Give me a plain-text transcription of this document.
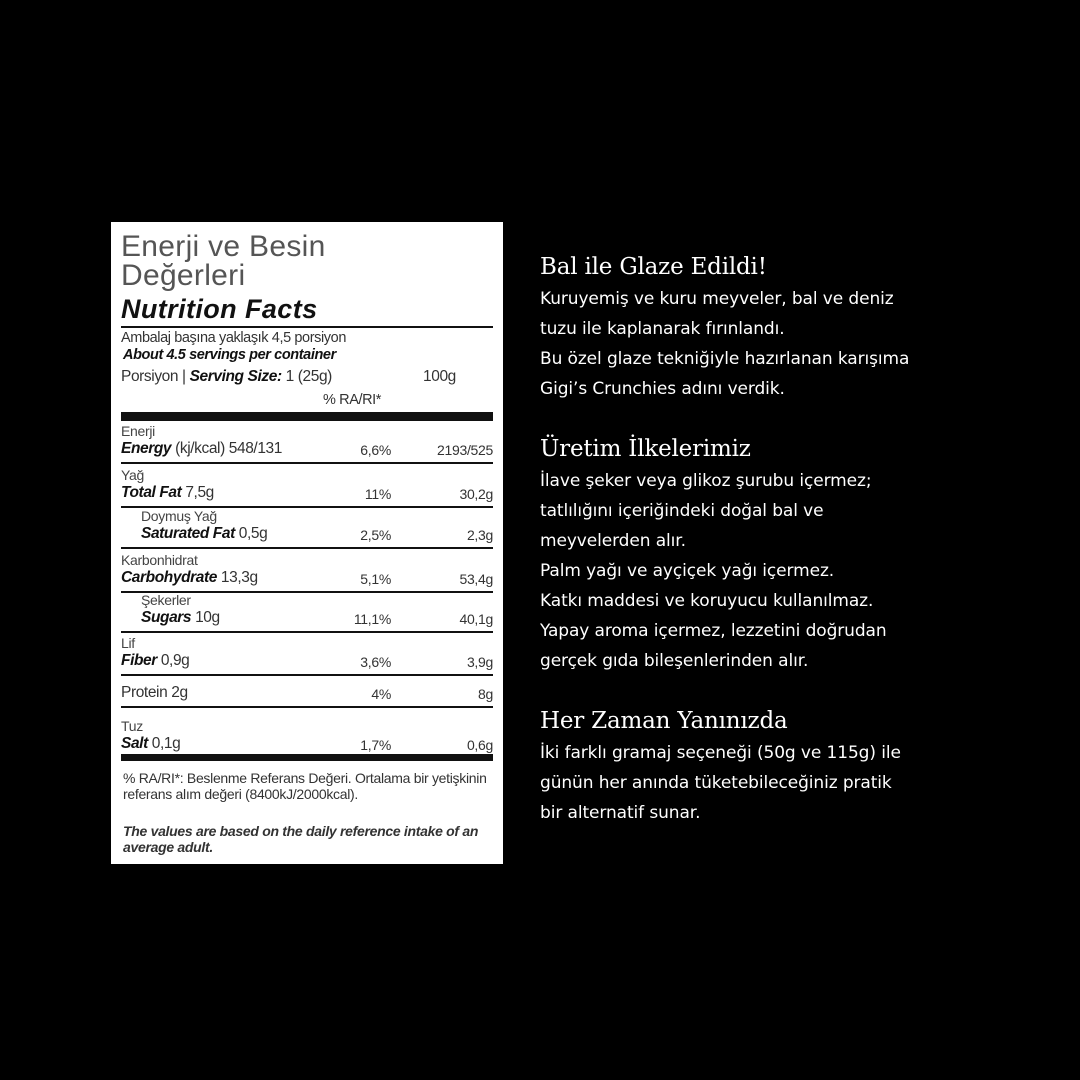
Enerji ve Besin
Değerleri
Nutrition Facts
Ambalaj başına yaklaşık 4,5 porsiyon
About 4.5 servings per container
Porsiyon | Serving Size: 1 (25g)	100g
% RA/RI*
Enerji
Energy (kj/kcal) 548/131	6,6%	2193/525
Yağ
Total Fat 7,5g	11%	30,2g
Doymuş Yağ
Saturated Fat 0,5g	2,5%	2,3g
Karbonhidrat
Carbohydrate 13,3g	5,1%	53,4g
Şekerler
Sugars 10g	11,1%	40,1g
Lif
Fiber 0,9g	3,6%	3,9g
Protein 2g	4%	8g
Tuz
Salt 0,1g	1,7%	0,6g
% RA/RI*: Beslenme Referans Değeri. Ortalama bir yetişkinin referans alım değeri (8400kJ/2000kcal).
The values are based on the daily reference intake of an average adult.
Bal ile Glaze Edildi!
Kuruyemiş ve kuru meyveler, bal ve deniz
tuzu ile kaplanarak fırınlandı.
Bu özel glaze tekniğiyle hazırlanan karışıma
Gigi’s Crunchies adını verdik.
Üretim İlkelerimiz
İlave şeker veya glikoz şurubu içermez;
tatlılığını içeriğindeki doğal bal ve
meyvelerden alır.
Palm yağı ve ayçiçek yağı içermez.
Katkı maddesi ve koruyucu kullanılmaz.
Yapay aroma içermez, lezzetini doğrudan
gerçek gıda bileşenlerinden alır.
Her Zaman Yanınızda
İki farklı gramaj seçeneği (50g ve 115g) ile
günün her anında tüketebileceğiniz pratik
bir alternatif sunar.
